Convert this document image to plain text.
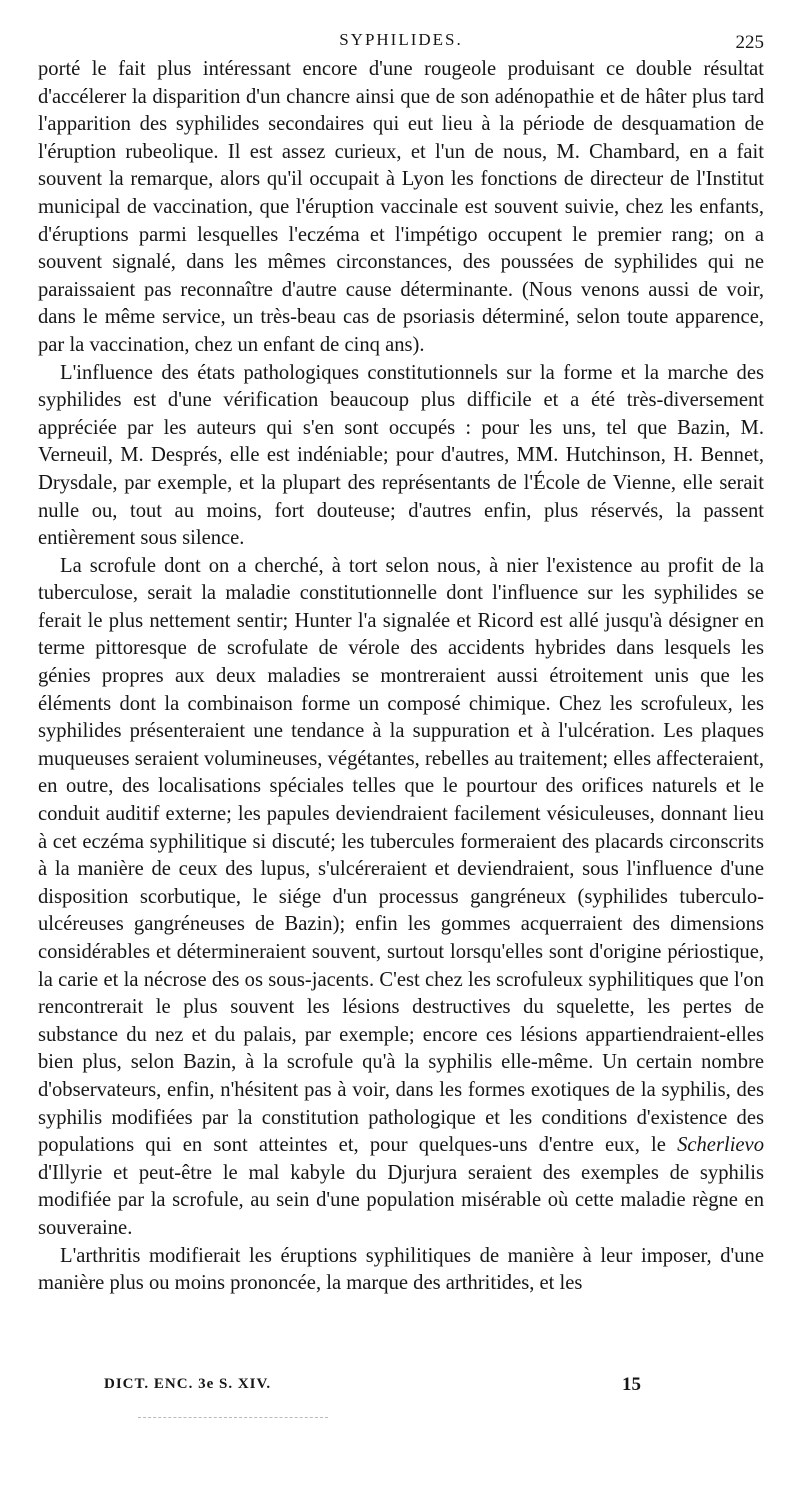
SYPHILIDES.	225

porté le fait plus intéressant encore d'une rougeole produisant ce double résultat d'accélerer la disparition d'un chancre ainsi que de son adénopathie et de hâter plus tard l'apparition des syphilides secondaires qui eut lieu à la période de desquamation de l'éruption rubeolique. Il est assez curieux, et l'un de nous, M. Chambard, en a fait souvent la remarque, alors qu'il occupait à Lyon les fonctions de directeur de l'Institut municipal de vaccination, que l'éruption vaccinale est souvent suivie, chez les enfants, d'éruptions parmi lesquelles l'eczéma et l'impétigo occupent le premier rang; on a souvent signalé, dans les mêmes circonstances, des poussées de syphilides qui ne paraissaient pas reconnaître d'autre cause déterminante. (Nous venons aussi de voir, dans le même service, un très-beau cas de psoriasis déterminé, selon toute apparence, par la vaccination, chez un enfant de cinq ans).

L'influence des états pathologiques constitutionnels sur la forme et la marche des syphilides est d'une vérification beaucoup plus difficile et a été très-diversement appréciée par les auteurs qui s'en sont occupés : pour les uns, tel que Bazin, M. Verneuil, M. Després, elle est indéniable; pour d'autres, MM. Hutchinson, H. Bennet, Drysdale, par exemple, et la plupart des représentants de l'École de Vienne, elle serait nulle ou, tout au moins, fort douteuse; d'autres enfin, plus réservés, la passent entièrement sous silence.

La scrofule dont on a cherché, à tort selon nous, à nier l'existence au profit de la tuberculose, serait la maladie constitutionnelle dont l'influence sur les syphilides se ferait le plus nettement sentir; Hunter l'a signalée et Ricord est allé jusqu'à désigner en terme pittoresque de scrofulate de vérole des accidents hybrides dans lesquels les génies propres aux deux maladies se montreraient aussi étroitement unis que les éléments dont la combinaison forme un composé chimique. Chez les scrofuleux, les syphilides présenteraient une tendance à la suppuration et à l'ulcération. Les plaques muqueuses seraient volumineuses, végétantes, rebelles au traitement; elles affecteraient, en outre, des localisations spéciales telles que le pourtour des orifices naturels et le conduit auditif externe; les papules deviendraient facilement vésiculeuses, donnant lieu à cet eczéma syphilitique si discuté; les tubercules formeraient des placards circonscrits à la manière de ceux des lupus, s'ulcéreraient et deviendraient, sous l'influence d'une disposition scorbutique, le siége d'un processus gangréneux (syphilides tuberculo-ulcéreuses gangréneuses de Bazin); enfin les gommes acquerraient des dimensions considérables et détermineraient souvent, surtout lorsqu'elles sont d'origine périostique, la carie et la nécrose des os sous-jacents. C'est chez les scrofuleux syphilitiques que l'on rencontrerait le plus souvent les lésions destructives du squelette, les pertes de substance du nez et du palais, par exemple; encore ces lésions appartiendraient-elles bien plus, selon Bazin, à la scrofule qu'à la syphilis elle-même. Un certain nombre d'observateurs, enfin, n'hésitent pas à voir, dans les formes exotiques de la syphilis, des syphilis modifiées par la constitution pathologique et les conditions d'existence des populations qui en sont atteintes et, pour quelques-uns d'entre eux, le Scherlievo d'Illyrie et peut-être le mal kabyle du Djurjura seraient des exemples de syphilis modifiée par la scrofule, au sein d'une population misérable où cette maladie règne en souveraine.

L'arthritis modifierait les éruptions syphilitiques de manière à leur imposer, d'une manière plus ou moins prononcée, la marque des arthritides, et les

DICT. ENC. 3e S. XIV.	15
